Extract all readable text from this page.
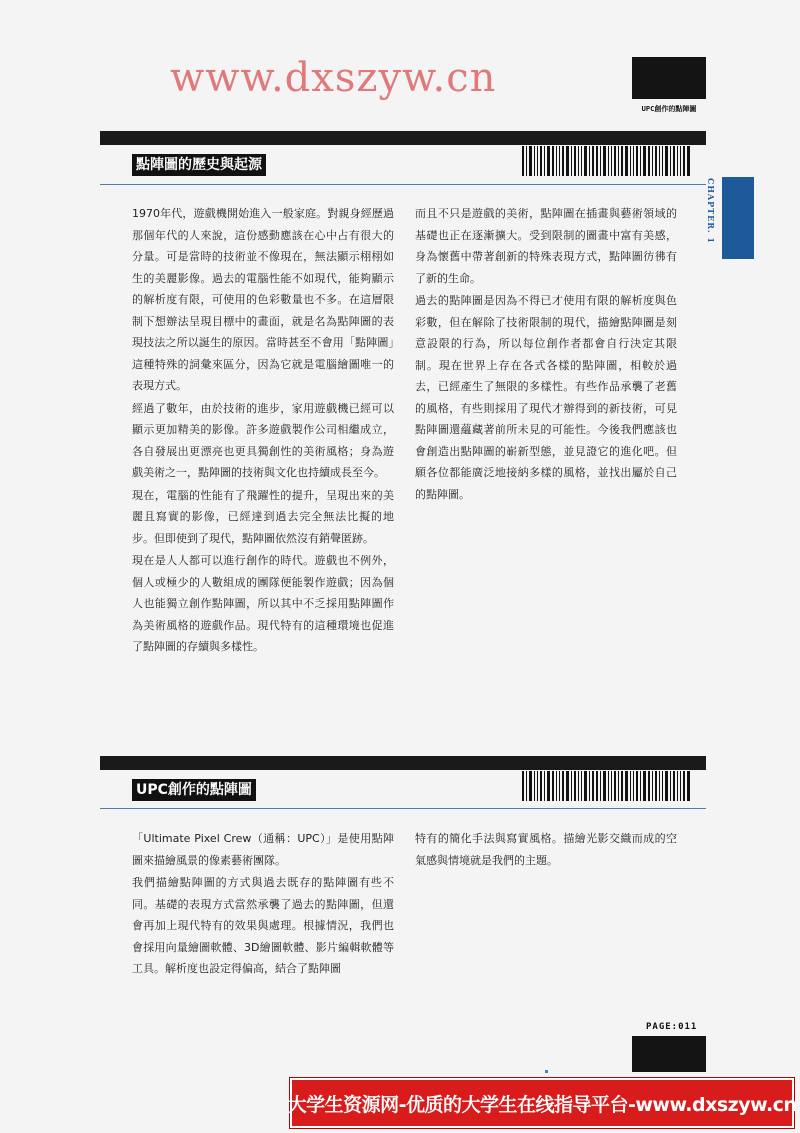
www.dxszyw.cn
UPC創作的點陣圖
點陣圖的歷史與起源
CHAPTER. 1

1970年代，遊戲機開始進入一般家庭。對親身經歷過那個年代的人來說，這份感動應該在心中占有很大的分量。可是當時的技術並不像現在，無法顯示栩栩如生的美麗影像。過去的電腦性能不如現代，能夠顯示的解析度有限，可使用的色彩數量也不多。在這層限制下想辦法呈現目標中的畫面，就是名為點陣圖的表現技法之所以誕生的原因。當時甚至不會用「點陣圖」這種特殊的詞彙來區分，因為它就是電腦繪圖唯一的表現方式。

經過了數年，由於技術的進步，家用遊戲機已經可以顯示更加精美的影像。許多遊戲製作公司相繼成立，各自發展出更漂亮也更具獨創性的美術風格；身為遊戲美術之一，點陣圖的技術與文化也持續成長至今。

現在，電腦的性能有了飛躍性的提升，呈現出來的美麗且寫實的影像，已經達到過去完全無法比擬的地步。但即使到了現代，點陣圖依然沒有銷聲匿跡。

現在是人人都可以進行創作的時代。遊戲也不例外，個人或極少的人數組成的團隊便能製作遊戲；因為個人也能獨立創作點陣圖，所以其中不乏採用點陣圖作為美術風格的遊戲作品。現代特有的這種環境也促進了點陣圖的存續與多樣性。

而且不只是遊戲的美術，點陣圖在插畫與藝術領域的基礎也正在逐漸擴大。受到限制的圖畫中富有美感，身為懷舊中帶著創新的特殊表現方式，點陣圖彷彿有了新的生命。

過去的點陣圖是因為不得已才使用有限的解析度與色彩數，但在解除了技術限制的現代，描繪點陣圖是刻意設限的行為，所以每位創作者都會自行決定其限制。現在世界上存在各式各樣的點陣圖，相較於過去，已經產生了無限的多樣性。有些作品承襲了老舊的風格，有些則採用了現代才辦得到的新技術，可見點陣圖還蘊藏著前所未見的可能性。今後我們應該也會創造出點陣圖的嶄新型態，並見證它的進化吧。但願各位都能廣泛地接納多樣的風格，並找出屬於自己的點陣圖。

UPC創作的點陣圖

「Ultimate Pixel Crew（通稱：UPC）」是使用點陣圖來描繪風景的像素藝術團隊。

我們描繪點陣圖的方式與過去既存的點陣圖有些不同。基礎的表現方式當然承襲了過去的點陣圖，但還會再加上現代特有的效果與處理。根據情況，我們也會採用向量繪圖軟體、3D繪圖軟體、影片編輯軟體等工具。解析度也設定得偏高，結合了點陣圖

特有的簡化手法與寫實風格。描繪光影交織而成的空氣感與情境就是我們的主題。

PAGE:011
大学生资源网-优质的大学生在线指导平台-www.dxszyw.cn
